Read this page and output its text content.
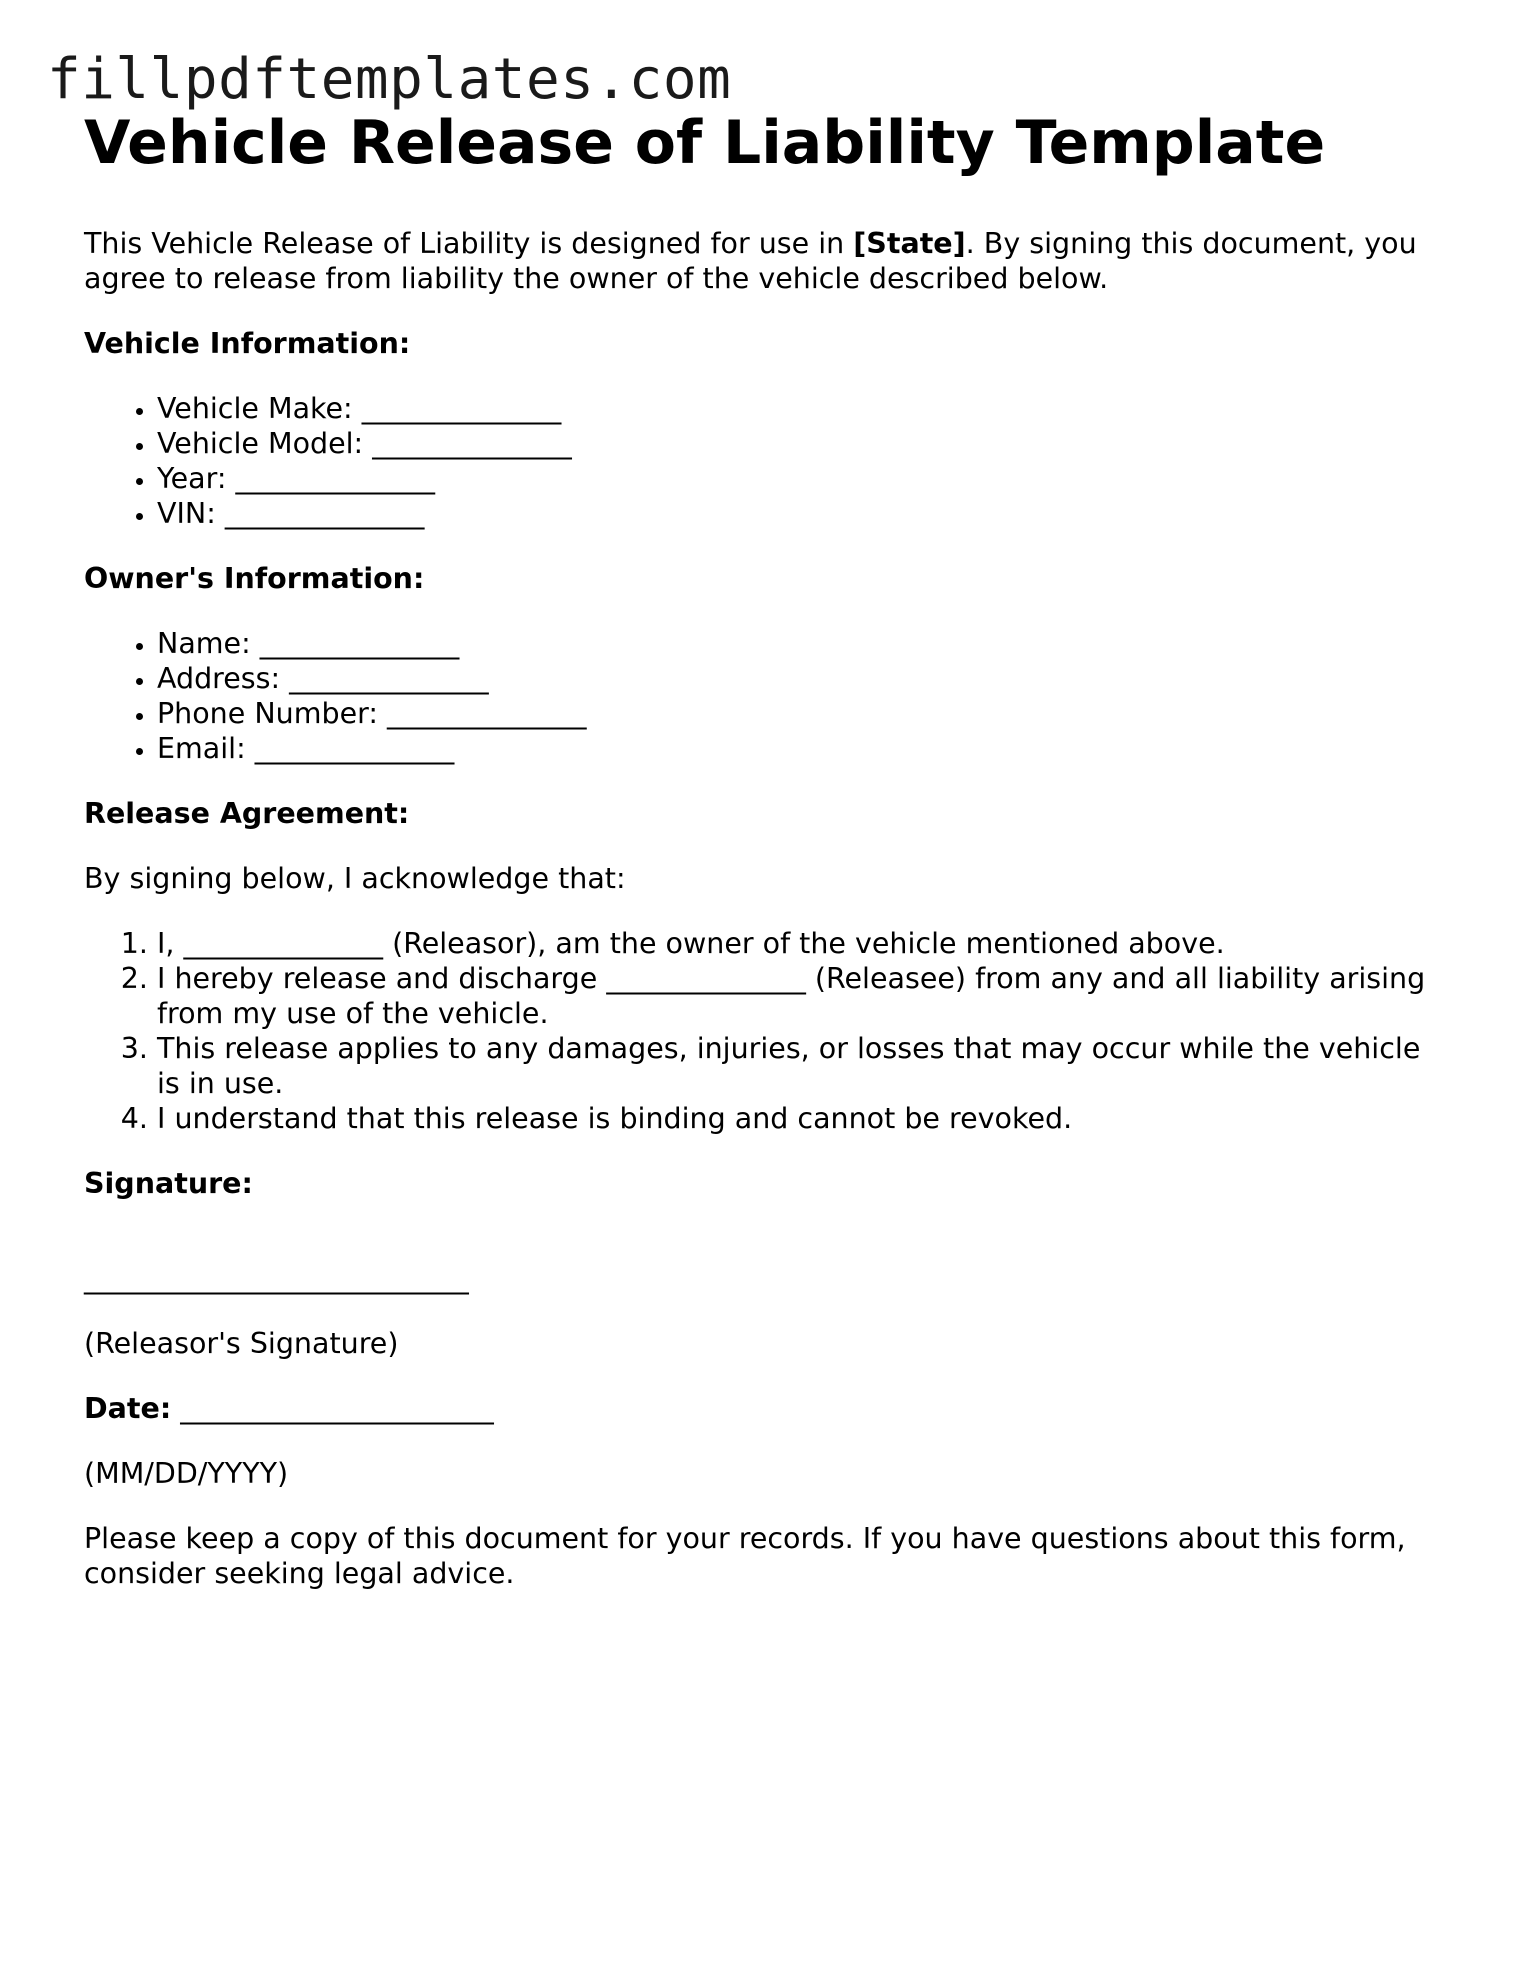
fillpdftemplates.com
Vehicle Release of Liability Template

This Vehicle Release of Liability is designed for use in [State]. By signing this document, you agree to release from liability the owner of the vehicle described below.

Vehicle Information:

• Vehicle Make: ______________
• Vehicle Model: ______________
• Year: ______________
• VIN: ______________

Owner's Information:

• Name: ______________
• Address: ______________
• Phone Number: ______________
• Email: ______________

Release Agreement:

By signing below, I acknowledge that:

1. I, ______________ (Releasor), am the owner of the vehicle mentioned above.
2. I hereby release and discharge ______________ (Releasee) from any and all liability arising from my use of the vehicle.
3. This release applies to any damages, injuries, or losses that may occur while the vehicle is in use.
4. I understand that this release is binding and cannot be revoked.

Signature:

___________________________

(Releasor's Signature)

Date: ______________________

(MM/DD/YYYY)

Please keep a copy of this document for your records. If you have questions about this form, consider seeking legal advice.
